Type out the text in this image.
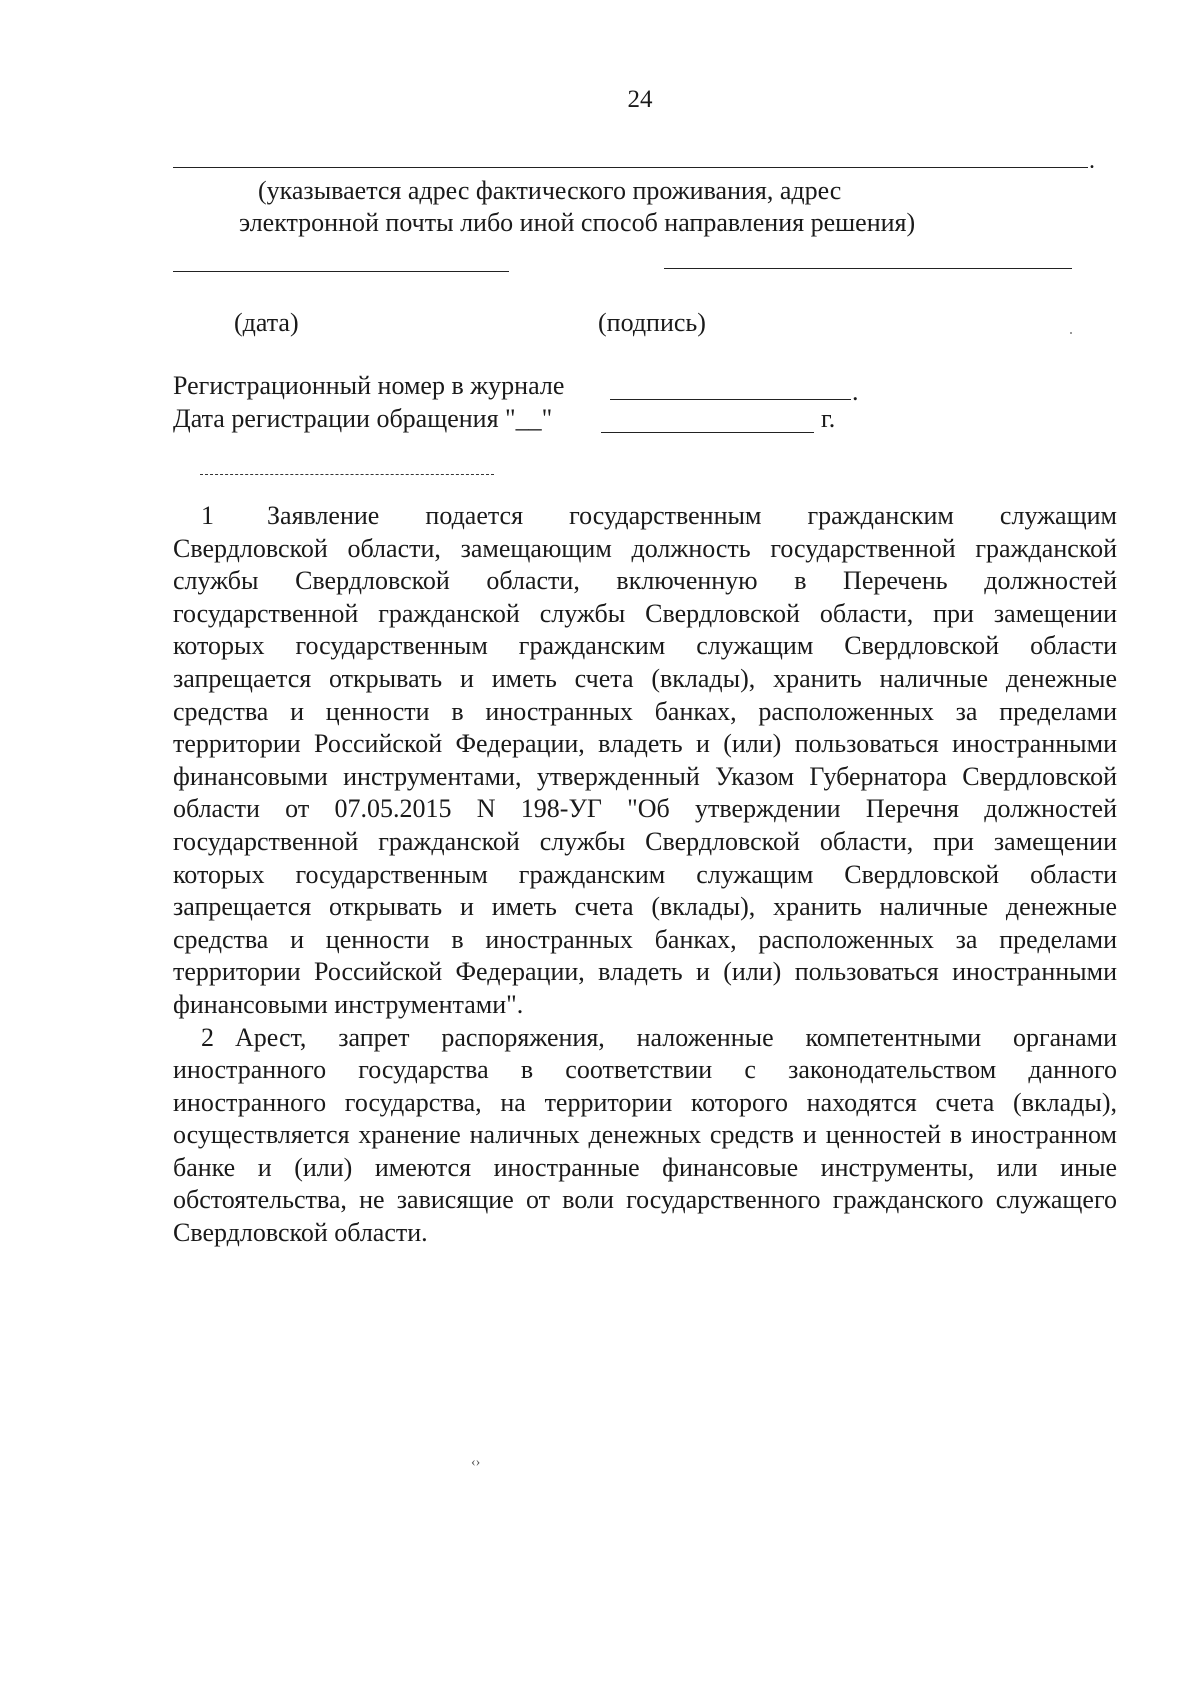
24
.
(указывается адрес фактического проживания, адрес
электронной почты либо иной способ направления решения)
(дата)	(подпись)
Регистрационный номер в журнале	.
Дата регистрации обращения "__"	г.

1 Заявление подается государственным гражданским служащим Свердловской области, замещающим должность государственной гражданской службы Свердловской области, включенную в Перечень должностей государственной гражданской службы Свердловской области, при замещении которых государственным гражданским служащим Свердловской области запрещается открывать и иметь счета (вклады), хранить наличные денежные средства и ценности в иностранных банках, расположенных за пределами территории Российской Федерации, владеть и (или) пользоваться иностранными финансовыми инструментами, утвержденный Указом Губернатора Свердловской области от 07.05.2015 N 198-УГ "Об утверждении Перечня должностей государственной гражданской службы Свердловской области, при замещении которых государственным гражданским служащим Свердловской области запрещается открывать и иметь счета (вклады), хранить наличные денежные средства и ценности в иностранных банках, расположенных за пределами территории Российской Федерации, владеть и (или) пользоваться иностранными финансовыми инструментами".

2 Арест, запрет распоряжения, наложенные компетентными органами иностранного государства в соответствии с законодательством данного иностранного государства, на территории которого находятся счета (вклады), осуществляется хранение наличных денежных средств и ценностей в иностранном банке и (или) имеются иностранные финансовые инструменты, или иные обстоятельства, не зависящие от воли государственного гражданского служащего Свердловской области.

‹›
